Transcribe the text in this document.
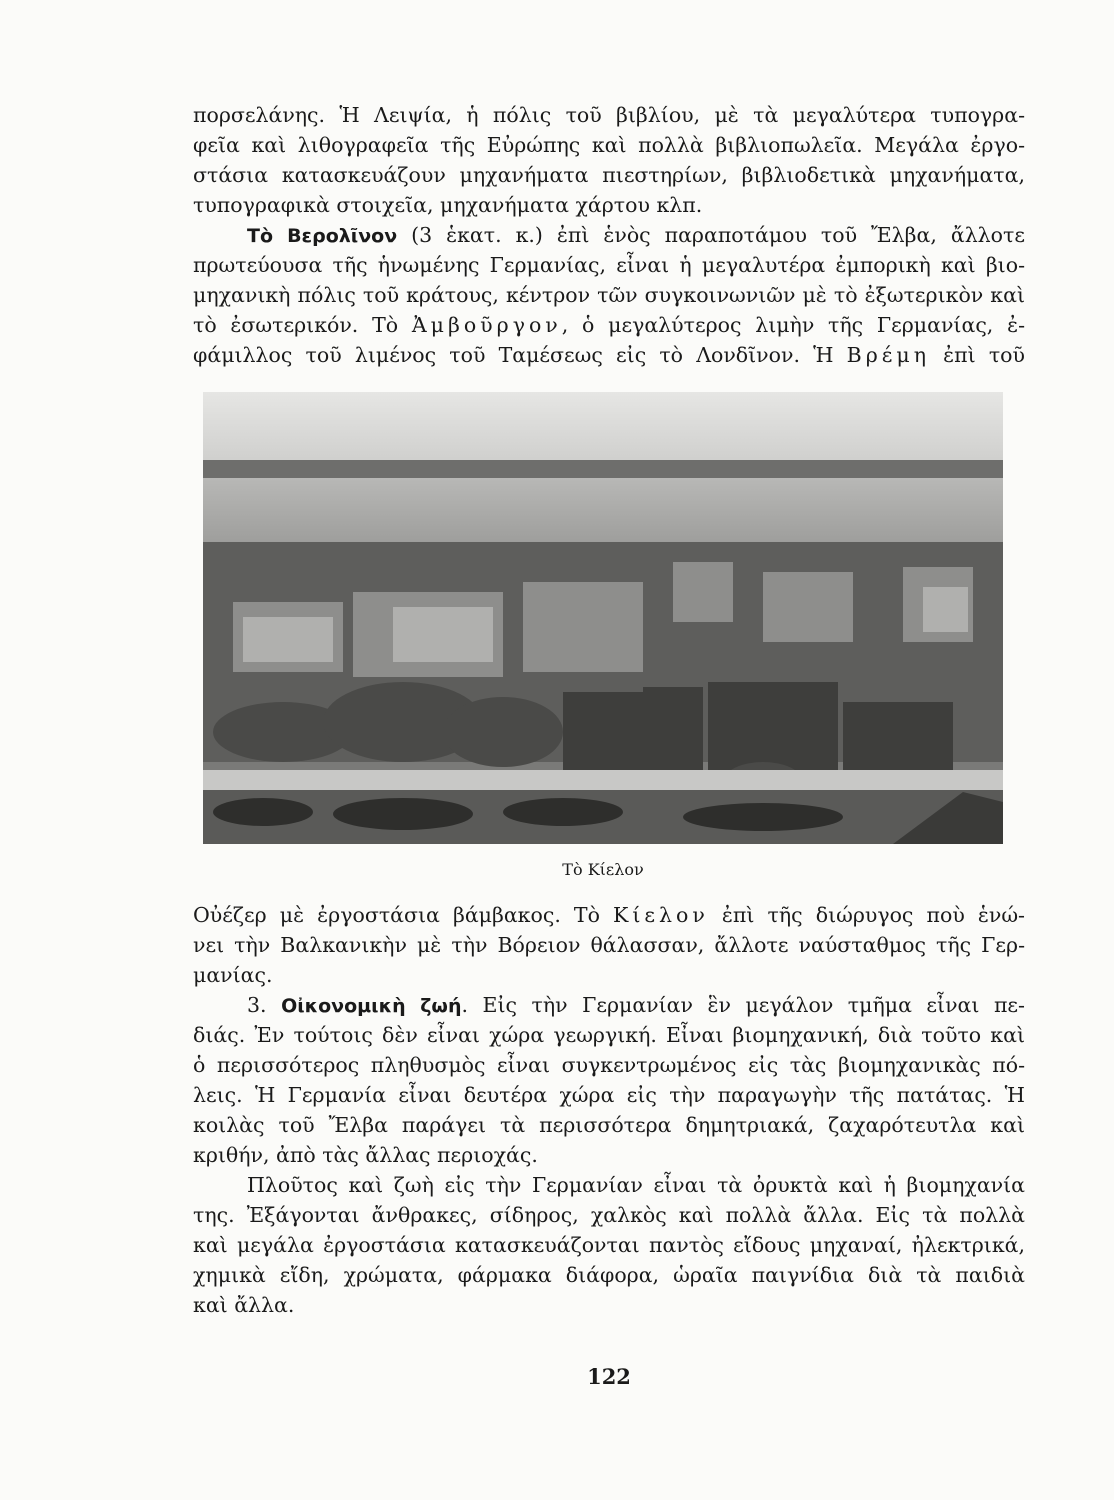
πορσελάνης. Ἡ Λειψία, ἡ πόλις τοῦ βιβλίου, μὲ τὰ μεγαλύτερα τυπογρα-
φεῖα καὶ λιθογραφεῖα τῆς Εὐρώπης καὶ πολλὰ βιβλιοπωλεῖα. Μεγάλα ἐργο-
στάσια κατασκευάζουν μηχανήματα πιεστηρίων, βιβλιοδετικὰ μηχανήματα,
τυπογραφικὰ στοιχεῖα, μηχανήματα χάρτου κλπ.
Τὸ Βερολῖνον (3 ἑκατ. κ.) ἐπὶ ἑνὸς παραποτάμου τοῦ Ἔλβα, ἄλλοτε
πρωτεύουσα τῆς ἡνωμένης Γερμανίας, εἶναι ἡ μεγαλυτέρα ἐμπορικὴ καὶ βιο-
μηχανικὴ πόλις τοῦ κράτους, κέντρον τῶν συγκοινωνιῶν μὲ τὸ ἐξωτερικὸν καὶ
τὸ ἐσωτερικόν. Τὸ Ἀμβοῦργον, ὁ μεγαλύτερος λιμὴν τῆς Γερμανίας, ἐ-
φάμιλλος τοῦ λιμένος τοῦ Ταμέσεως εἰς τὸ Λονδῖνον. Ἡ Βρέμη ἐπὶ τοῦ
Τὸ Κίελον
Οὐέζερ μὲ ἐργοστάσια βάμβακος. Τὸ Κίελον ἐπὶ τῆς διώρυγος ποὺ ἑνώ-
νει τὴν Βαλκανικὴν μὲ τὴν Βόρειον θάλασσαν, ἄλλοτε ναύσταθμος τῆς Γερ-
μανίας.
3. Οἰκονομικὴ ζωή. Εἰς τὴν Γερμανίαν ἓν μεγάλον τμῆμα εἶναι πε-
διάς. Ἐν τούτοις δὲν εἶναι χώρα γεωργική. Εἶναι βιομηχανική, διὰ τοῦτο καὶ
ὁ περισσότερος πληθυσμὸς εἶναι συγκεντρωμένος εἰς τὰς βιομηχανικὰς πό-
λεις. Ἡ Γερμανία εἶναι δευτέρα χώρα εἰς τὴν παραγωγὴν τῆς πατάτας. Ἡ
κοιλὰς τοῦ Ἔλβα παράγει τὰ περισσότερα δημητριακά, ζαχαρότευτλα καὶ
κριθήν, ἀπὸ τὰς ἄλλας περιοχάς.
Πλοῦτος καὶ ζωὴ εἰς τὴν Γερμανίαν εἶναι τὰ ὀρυκτὰ καὶ ἡ βιομηχανία
της. Ἐξάγονται ἄνθρακες, σίδηρος, χαλκὸς καὶ πολλὰ ἄλλα. Εἰς τὰ πολλὰ
καὶ μεγάλα ἐργοστάσια κατασκευάζονται παντὸς εἴδους μηχαναί, ἠλεκτρικά,
χημικὰ εἴδη, χρώματα, φάρμακα διάφορα, ὡραῖα παιγνίδια διὰ τὰ παιδιὰ
καὶ ἄλλα.
122
